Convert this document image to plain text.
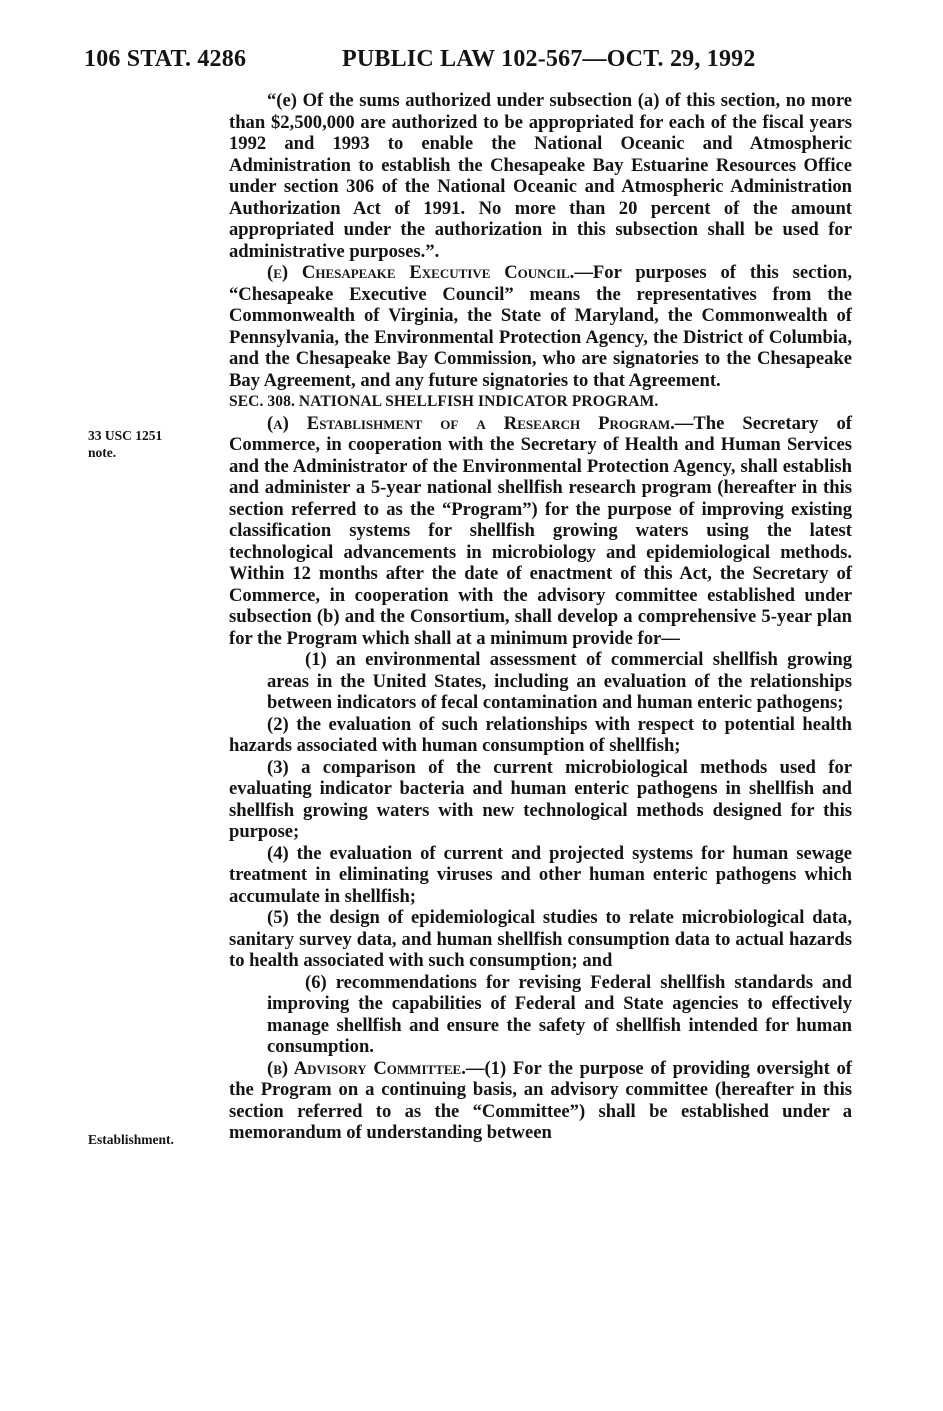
106 STAT. 4286	PUBLIC LAW 102-567—OCT. 29, 1992
33 USC 1251
note.
Establishment.

“(e) Of the sums authorized under subsection (a) of this section, no more than $2,500,000 are authorized to be appropriated for each of the fiscal years 1992 and 1993 to enable the National Oceanic and Atmospheric Administration to establish the Chesapeake Bay Estuarine Resources Office under section 306 of the National Oceanic and Atmospheric Administration Authorization Act of 1991. No more than 20 percent of the amount appropriated under the authorization in this subsection shall be used for administrative purposes.”.

(e) Chesapeake Executive Council.—For purposes of this section, “Chesapeake Executive Council” means the representatives from the Commonwealth of Virginia, the State of Maryland, the Commonwealth of Pennsylvania, the Environmental Protection Agency, the District of Columbia, and the Chesapeake Bay Commission, who are signatories to the Chesapeake Bay Agreement, and any future signatories to that Agreement.

SEC. 308. NATIONAL SHELLFISH INDICATOR PROGRAM.

(a) Establishment of a Research Program.—The Secretary of Commerce, in cooperation with the Secretary of Health and Human Services and the Administrator of the Environmental Protection Agency, shall establish and administer a 5-year national shellfish research program (hereafter in this section referred to as the “Program”) for the purpose of improving existing classification systems for shellfish growing waters using the latest technological advancements in microbiology and epidemiological methods. Within 12 months after the date of enactment of this Act, the Secretary of Commerce, in cooperation with the advisory committee established under subsection (b) and the Consortium, shall develop a comprehensive 5-year plan for the Program which shall at a minimum provide for—

(1) an environmental assessment of commercial shellfish growing areas in the United States, including an evaluation of the relationships between indicators of fecal contamination and human enteric pathogens;

(2) the evaluation of such relationships with respect to potential health hazards associated with human consumption of shellfish;

(3) a comparison of the current microbiological methods used for evaluating indicator bacteria and human enteric pathogens in shellfish and shellfish growing waters with new technological methods designed for this purpose;

(4) the evaluation of current and projected systems for human sewage treatment in eliminating viruses and other human enteric pathogens which accumulate in shellfish;

(5) the design of epidemiological studies to relate microbiological data, sanitary survey data, and human shellfish consumption data to actual hazards to health associated with such consumption; and

(6) recommendations for revising Federal shellfish standards and improving the capabilities of Federal and State agencies to effectively manage shellfish and ensure the safety of shellfish intended for human consumption.

(b) Advisory Committee.—(1) For the purpose of providing oversight of the Program on a continuing basis, an advisory committee (hereafter in this section referred to as the “Committee”) shall be established under a memorandum of understanding between
